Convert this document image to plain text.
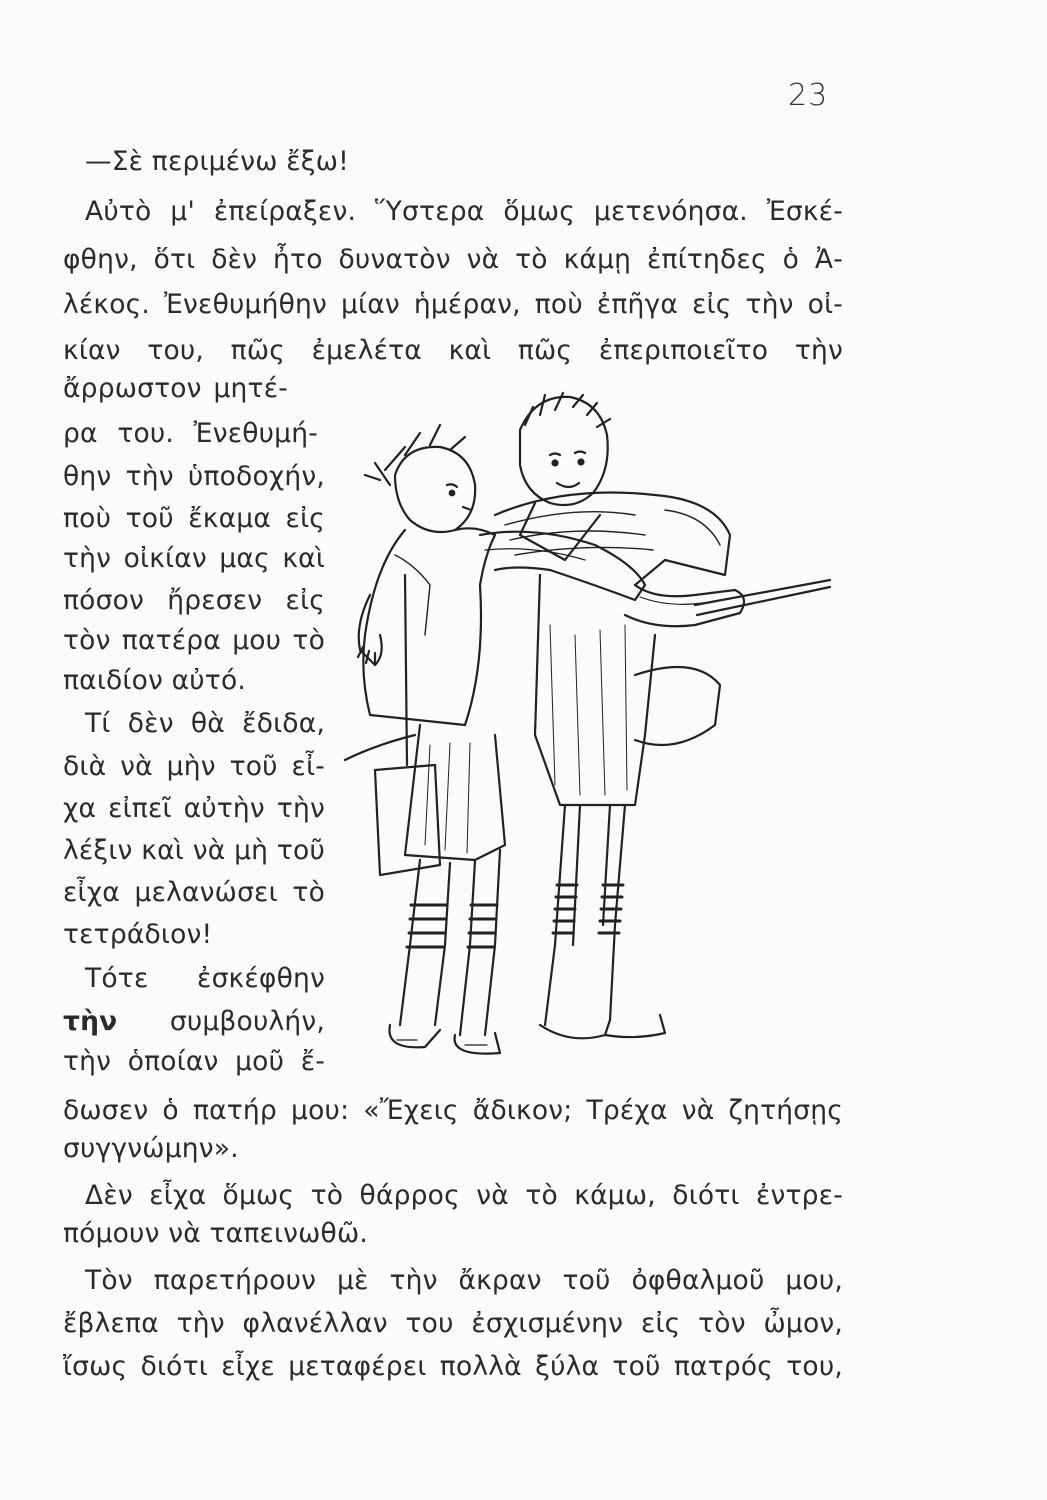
23
—Σὲ περιμένω ἔξω!
Αὐτὸ μ' ἐπείραξεν. Ὕστερα ὅμως μετενόησα. Ἐσκέ-
φθην, ὅτι δὲν ἦτο δυνατὸν νὰ τὸ κάμῃ ἐπίτηδες ὁ Ἀ-
λέκος. Ἐνεθυμήθην μίαν ἡμέραν, ποὺ ἐπῆγα εἰς τὴν οἰ-
κίαν του, πῶς ἐμελέτα καὶ πῶς ἐπεριποιεῖτο τὴν
ἄρρωστον μητέ-
ρα του. Ἐνεθυμή-
θην τὴν ὑποδοχήν,
ποὺ τοῦ ἔκαμα εἰς
τὴν οἰκίαν μας καὶ
πόσον ἤρεσεν εἰς
τὸν πατέρα μου τὸ
παιδίον αὐτό.
Τί δὲν θὰ ἔδιδα,
διὰ νὰ μὴν τοῦ εἶ-
χα εἰπεῖ αὐτὴν τὴν
λέξιν καὶ νὰ μὴ τοῦ
εἶχα μελανώσει τὸ
τετράδιον!
Τότε ἐσκέφθην
τὴν συμβουλήν,
τὴν ὁποίαν μοῦ ἔ-
δωσεν ὁ πατήρ μου: «Ἔχεις ἄδικον; Τρέχα νὰ ζητήσῃς
συγγνώμην».
Δὲν εἶχα ὅμως τὸ θάρρος νὰ τὸ κάμω, διότι ἐντρε-
πόμουν νὰ ταπεινωθῶ.
Τὸν παρετήρουν μὲ τὴν ἄκραν τοῦ ὀφθαλμοῦ μου,
ἔβλεπα τὴν φλανέλλαν του ἐσχισμένην εἰς τὸν ὦμον,
ἴσως διότι εἶχε μεταφέρει πολλὰ ξύλα τοῦ πατρός του,
